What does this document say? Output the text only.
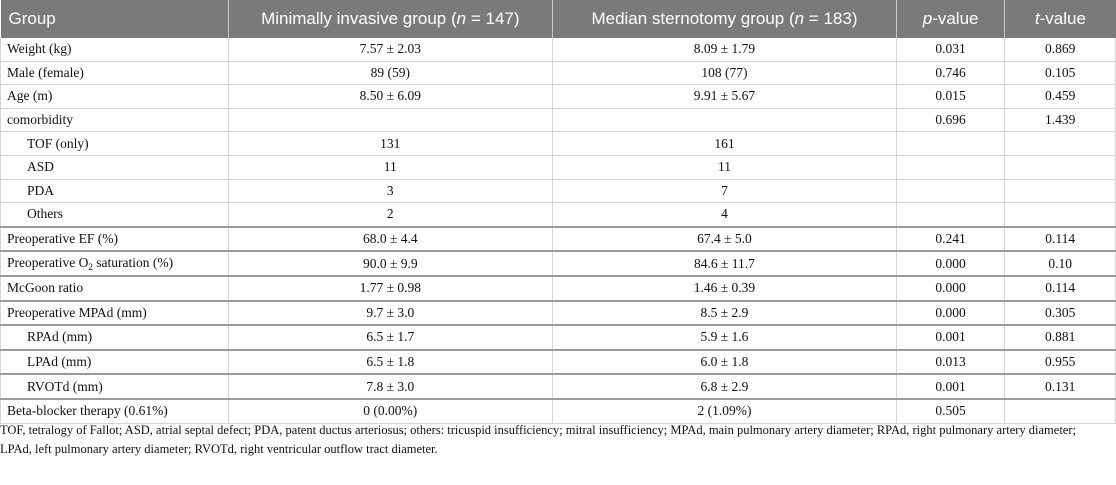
Group	Minimally invasive group (n = 147)	Median sternotomy group (n = 183)	p-value	t-value
Weight (kg)	7.57 ± 2.03	8.09 ± 1.79	0.031	0.869
Male (female)	89 (59)	108 (77)	0.746	0.105
Age (m)	8.50 ± 6.09	9.91 ± 5.67	0.015	0.459
comorbidity			0.696	1.439
TOF (only)	131	161		
ASD	11	11		
PDA	3	7		
Others	2	4		
Preoperative EF (%)	68.0 ± 4.4	67.4 ± 5.0	0.241	0.114
Preoperative $O_2$ saturation (%)	90.0 ± 9.9	84.6 ± 11.7	0.000	0.10
McGoon ratio	1.77 ± 0.98	1.46 ± 0.39	0.000	0.114
Preoperative MPAd (mm)	9.7 ± 3.0	8.5 ± 2.9	0.000	0.305
RPAd (mm)	6.5 ± 1.7	5.9 ± 1.6	0.001	0.881
LPAd (mm)	6.5 ± 1.8	6.0 ± 1.8	0.013	0.955
RVOTd (mm)	7.8 ± 3.0	6.8 ± 2.9	0.001	0.131
Beta-blocker therapy (0.61%)	0 (0.00%)	2 (1.09%)	0.505	
TOF, tetralogy of Fallot; ASD, atrial septal defect; PDA, patent ductus arteriosus; others: tricuspid insufficiency; mitral insufficiency; MPAd, main pulmonary artery diameter; RPAd, right pulmonary artery diameter; LPAd, left pulmonary artery diameter; RVOTd, right ventricular outflow tract diameter.
